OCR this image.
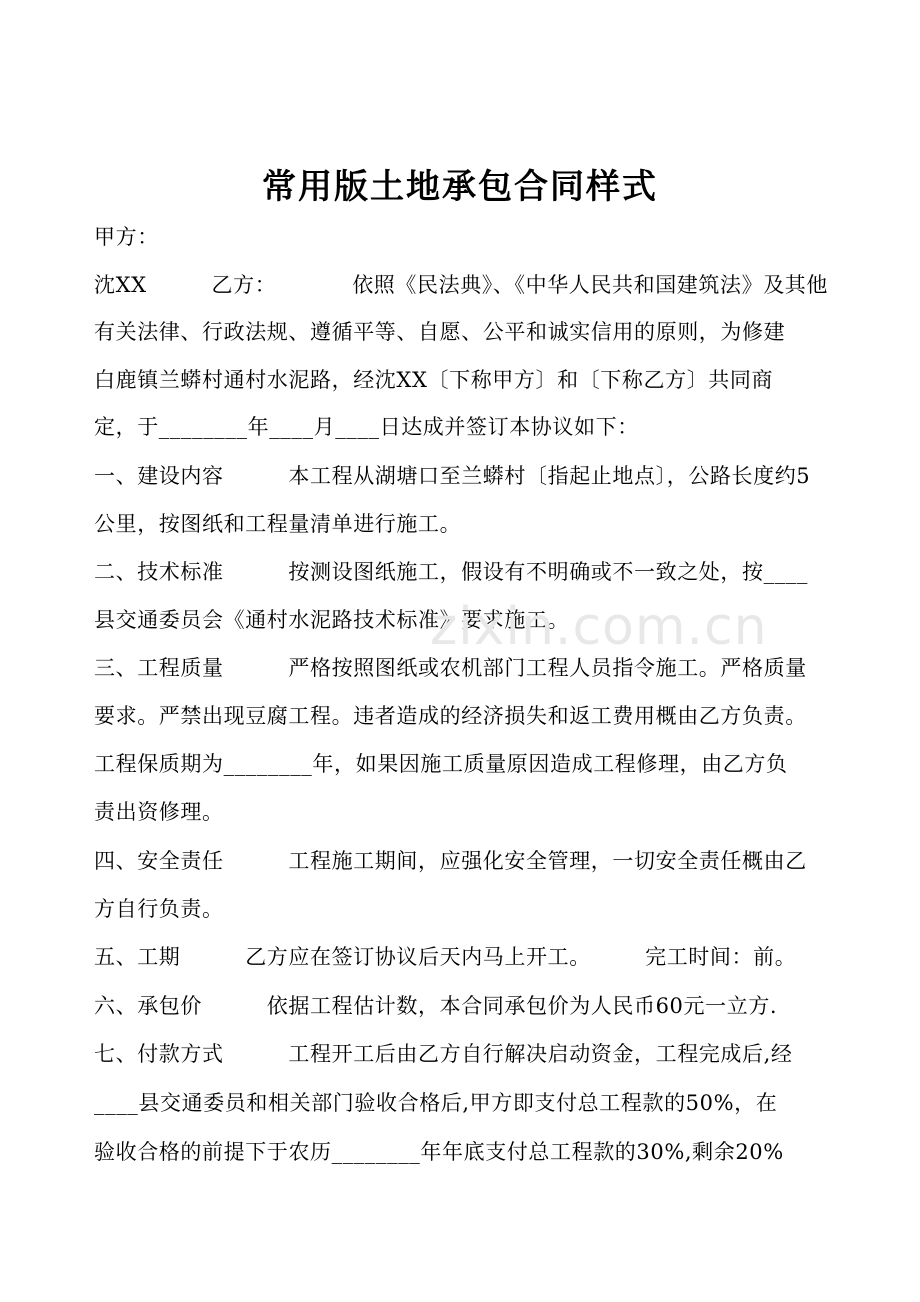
常用版土地承包合同样式
甲方：
沈XX　　　乙方：　　　　依照《民法典》、《中华人民共和国建筑法》及其他
有关法律、行政法规、遵循平等、自愿、公平和诚实信用的原则，为修建
白鹿镇兰蟒村通村水泥路，经沈XX〔下称甲方〕和〔下称乙方〕共同商
定，于________年____月____日达成并签订本协议如下：
一、建设内容　　　本工程从湖塘口至兰蟒村〔指起止地点〕，公路长度约5
公里，按图纸和工程量清单进行施工。
二、技术标准　　　按测设图纸施工，假设有不明确或不一致之处，按____
县交通委员会《通村水泥路技术标准》要求施工。
三、工程质量　　　严格按照图纸或农机部门工程人员指令施工。严格质量
要求。严禁出现豆腐工程。违者造成的经济损失和返工费用概由乙方负责。
工程保质期为________年，如果因施工质量原因造成工程修理，由乙方负
责出资修理。
四、安全责任　　　工程施工期间，应强化安全管理，一切安全责任概由乙
方自行负责。
五、工期　　　乙方应在签订协议后天内马上开工。　　　完工时间：前。
六、承包价　　　依据工程估计数，本合同承包价为人民币60元一立方.
七、付款方式　　　工程开工后由乙方自行解决启动资金，工程完成后,经
____县交通委员和相关部门验收合格后,甲方即支付总工程款的50%，在
验收合格的前提下于农历________年年底支付总工程款的30%,剩余20%
zixin.com.cn
